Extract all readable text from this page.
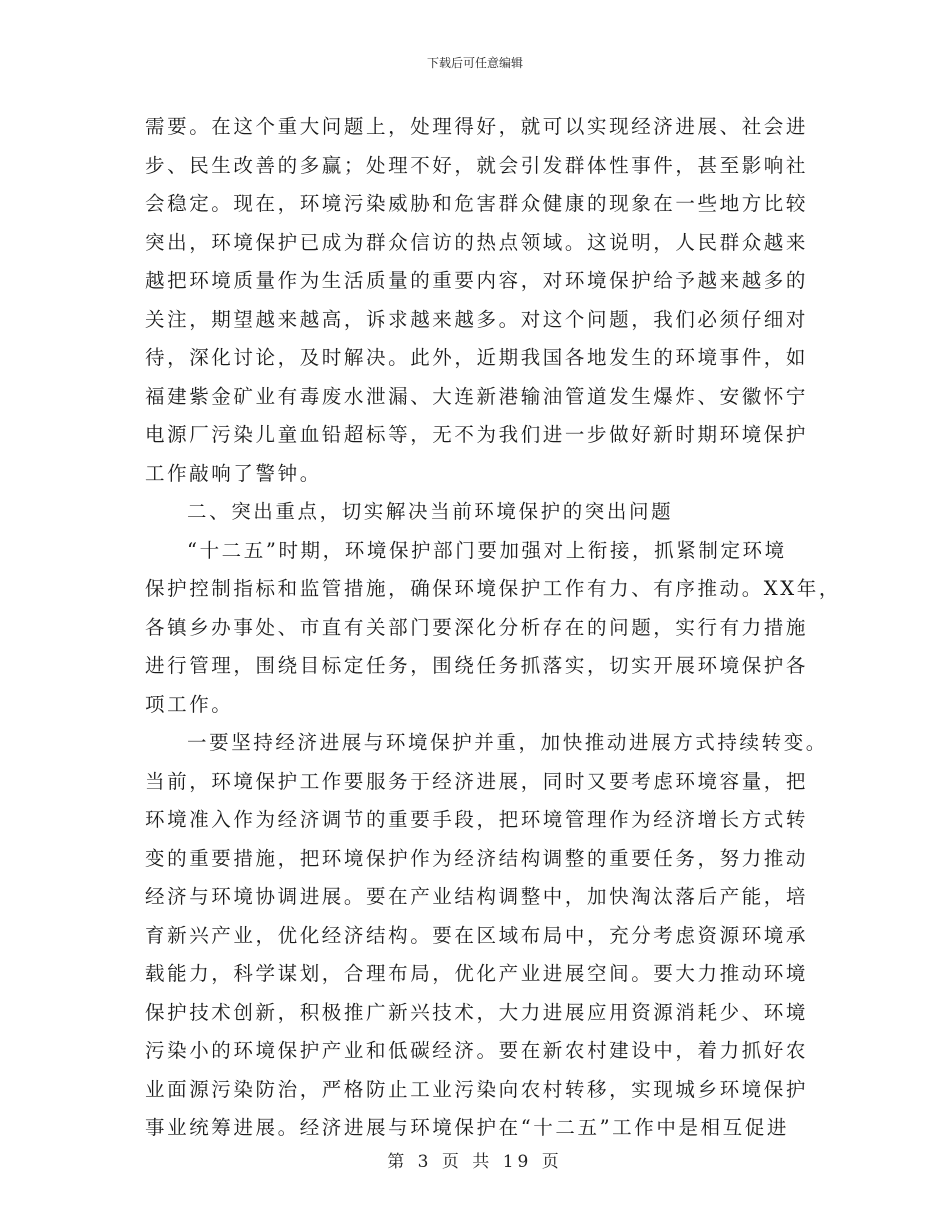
下载后可任意编辑
需要。在这个重大问题上，处理得好，就可以实现经济进展、社会进
步、民生改善的多赢；处理不好，就会引发群体性事件，甚至影响社
会稳定。现在，环境污染威胁和危害群众健康的现象在一些地方比较
突出，环境保护已成为群众信访的热点领域。这说明，人民群众越来
越把环境质量作为生活质量的重要内容，对环境保护给予越来越多的
关注，期望越来越高，诉求越来越多。对这个问题，我们必须仔细对
待，深化讨论，及时解决。此外，近期我国各地发生的环境事件，如
福建紫金矿业有毒废水泄漏、大连新港输油管道发生爆炸、安徽怀宁
电源厂污染儿童血铅超标等，无不为我们进一步做好新时期环境保护
工作敲响了警钟。
二、突出重点，切实解决当前环境保护的突出问题
“十二五”时期，环境保护部门要加强对上衔接，抓紧制定环境
保护控制指标和监管措施，确保环境保护工作有力、有序推动。XX年，
各镇乡办事处、市直有关部门要深化分析存在的问题，实行有力措施
进行管理，围绕目标定任务，围绕任务抓落实，切实开展环境保护各
项工作。
一要坚持经济进展与环境保护并重，加快推动进展方式持续转变。
当前，环境保护工作要服务于经济进展，同时又要考虑环境容量，把
环境准入作为经济调节的重要手段，把环境管理作为经济增长方式转
变的重要措施，把环境保护作为经济结构调整的重要任务，努力推动
经济与环境协调进展。要在产业结构调整中，加快淘汰落后产能，培
育新兴产业，优化经济结构。要在区域布局中，充分考虑资源环境承
载能力，科学谋划，合理布局，优化产业进展空间。要大力推动环境
保护技术创新，积极推广新兴技术，大力进展应用资源消耗少、环境
污染小的环境保护产业和低碳经济。要在新农村建设中，着力抓好农
业面源污染防治，严格防止工业污染向农村转移，实现城乡环境保护
事业统筹进展。经济进展与环境保护在“十二五”工作中是相互促进
第 3 页 共 19 页
